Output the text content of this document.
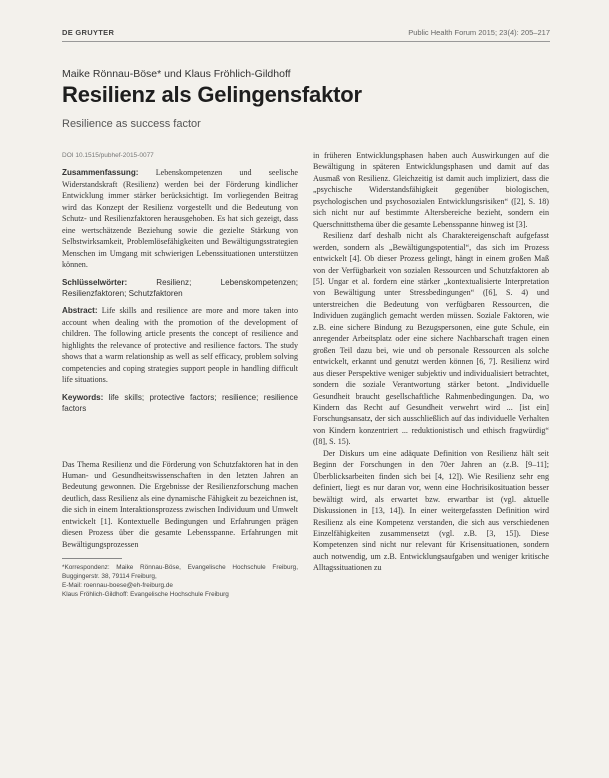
DE GRUYTER	Public Health Forum 2015; 23(4): 205–217
Maike Rönnau-Böse* und Klaus Fröhlich-Gildhoff
Resilienz als Gelingensfaktor
Resilience as success factor

DOI 10.1515/pubhef-2015-0077

Zusammenfassung: Lebenskompetenzen und seelische Widerstandskraft (Resilienz) werden bei der Förderung kindlicher Entwicklung immer stärker berücksichtigt. Im vorliegenden Beitrag wird das Konzept der Resilienz vorgestellt und die Bedeutung von Schutz- und Resilienzfaktoren herausgehoben. Es hat sich gezeigt, dass eine wertschätzende Beziehung sowie die gezielte Stärkung von Selbstwirksamkeit, Problemlösefähigkeiten und Bewältigungsstrategien Menschen im Umgang mit schwierigen Lebenssituationen unterstützen können.

Schlüsselwörter:	Resilienz; Lebenskompetenzen; Resilienzfaktoren; Schutzfaktoren

Abstract: Life skills and resilience are more and more taken into account when dealing with the promotion of the development of children. The following article presents the concept of resilience and highlights the relevance of protective and resilience factors. The study shows that a warm relationship as well as self efficacy, problem solving competencies and coping strategies support people in handling difficult life situations.

Keywords: life skills; protective factors; resilience; resilience factors

Das Thema Resilienz und die Förderung von Schutzfaktoren hat in den Human- und Gesundheitswissenschaften in den letzten Jahren an Bedeutung gewonnen. Die Ergebnisse der Resilienzforschung machen deutlich, dass Resilienz als eine dynamische Fähigkeit zu bezeichnen ist, die sich in einem Interaktionsprozess zwischen Individuum und Umwelt entwickelt [1]. Kontextuelle Bedingungen und Erfahrungen prägen diesen Prozess über die gesamte Lebensspanne. Erfahrungen mit Bewältigungsprozessen

*Korrespondenz: Maike Rönnau-Böse, Evangelische Hochschule Freiburg, Buggingerstr. 38, 79114 Freiburg,

E-Mail: roennau-boese@eh-freiburg.de

Klaus Fröhlich-Gildhoff: Evangelische Hochschule Freiburg

in früheren Entwicklungsphasen haben auch Auswirkungen auf die Bewältigung in späteren Entwicklungsphasen und damit auf das Ausmaß von Resilienz. Gleichzeitig ist damit auch impliziert, dass die „psychische Widerstandsfähigkeit gegenüber biologischen, psychologischen und psychosozialen Entwicklungsrisiken“ ([2], S. 18) sich nicht nur auf bestimmte Altersbereiche bezieht, sondern ein Querschnittsthema über die gesamte Lebensspanne hinweg ist [3].

Resilienz darf deshalb nicht als Charaktereigenschaft aufgefasst werden, sondern als „Bewältigungspotential“, das sich im Prozess entwickelt [4]. Ob dieser Prozess gelingt, hängt in einem großen Maß von der Verfügbarkeit von sozialen Ressourcen und Schutzfaktoren ab [5]. Ungar et al. fordern eine stärker „kontextualisierte Interpretation von Bewältigung unter Stressbedingungen“ ([6], S. 4) und unterstreichen die Bedeutung von verfügbaren Ressourcen, die Individuen zugänglich gemacht werden müssen. Soziale Faktoren, wie z.B. eine sichere Bindung zu Bezugspersonen, eine gute Schule, ein anregender Arbeitsplatz oder eine sichere Nachbarschaft tragen einen großen Teil dazu bei, wie und ob personale Ressourcen als solche entwickelt, erkannt und genutzt werden können [6, 7]. Resilienz wird aus dieser Perspektive weniger subjektiv und individualisiert betrachtet, sondern die soziale Verantwortung stärker betont. „Individuelle Gesundheit braucht gesellschaftliche Rahmenbedingungen. Da, wo Kindern das Recht auf Gesundheit verwehrt wird ... [ist ein] Forschungsansatz, der sich ausschließlich auf das individuelle Verhalten von Kindern konzentriert ... reduktionistisch und ethisch fragwürdig“ ([8], S. 15).

Der Diskurs um eine adäquate Definition von Resilienz hält seit Beginn der Forschungen in den 70er Jahren an (z.B. [9–11]; Überblicksarbeiten finden sich bei [4, 12]). Wie Resilienz sehr eng definiert, liegt es nur daran vor, wenn eine Hochrisikosituation besser bewältigt wird, als erwartet bzw. erwartbar ist (vgl. aktuelle Diskussionen in [13, 14]). In einer weitergefassten Definition wird Resilienz als eine Kompetenz verstanden, die sich aus verschiedenen Einzelfähigkeiten zusammensetzt (vgl. z.B. [3, 15]). Diese Kompetenzen sind nicht nur relevant für Krisensituationen, sondern auch notwendig, um z.B. Entwicklungsaufgaben und weniger kritische Alltagssituationen zu
